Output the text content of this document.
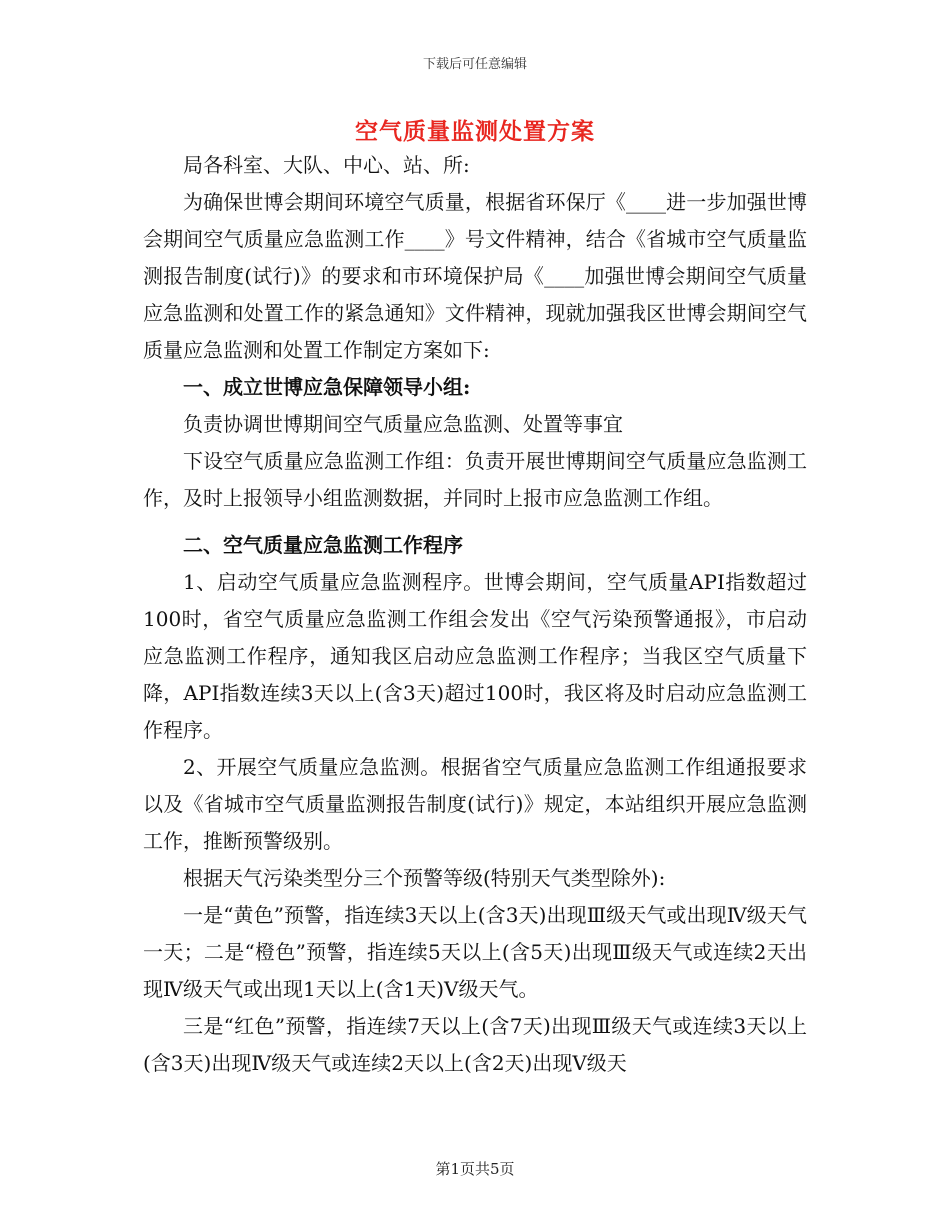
下载后可任意编辑
空气质量监测处置方案

局各科室、大队、中心、站、所:

为确保世博会期间环境空气质量，根据省环保厅《____进一步加强世博会期间空气质量应急监测工作____》号文件精神，结合《省城市空气质量监测报告制度(试行)》的要求和市环境保护局《____加强世博会期间空气质量应急监测和处置工作的紧急通知》文件精神，现就加强我区世博会期间空气质量应急监测和处置工作制定方案如下:

一、成立世博应急保障领导小组:

负责协调世博期间空气质量应急监测、处置等事宜

下设空气质量应急监测工作组：负责开展世博期间空气质量应急监测工作，及时上报领导小组监测数据，并同时上报市应急监测工作组。

二、空气质量应急监测工作程序

1、启动空气质量应急监测程序。世博会期间，空气质量API指数超过100时，省空气质量应急监测工作组会发出《空气污染预警通报》，市启动应急监测工作程序，通知我区启动应急监测工作程序；当我区空气质量下降，API指数连续3天以上(含3天)超过100时，我区将及时启动应急监测工作程序。

2、开展空气质量应急监测。根据省空气质量应急监测工作组通报要求以及《省城市空气质量监测报告制度(试行)》规定，本站组织开展应急监测工作，推断预警级别。

根据天气污染类型分三个预警等级(特别天气类型除外):

一是“黄色”预警，指连续3天以上(含3天)出现Ⅲ级天气或出现Ⅳ级天气一天；二是“橙色”预警，指连续5天以上(含5天)出现Ⅲ级天气或连续2天出现Ⅳ级天气或出现1天以上(含1天)Ⅴ级天气。

三是“红色”预警，指连续7天以上(含7天)出现Ⅲ级天气或连续3天以上(含3天)出现Ⅳ级天气或连续2天以上(含2天)出现Ⅴ级天

第1页共5页
